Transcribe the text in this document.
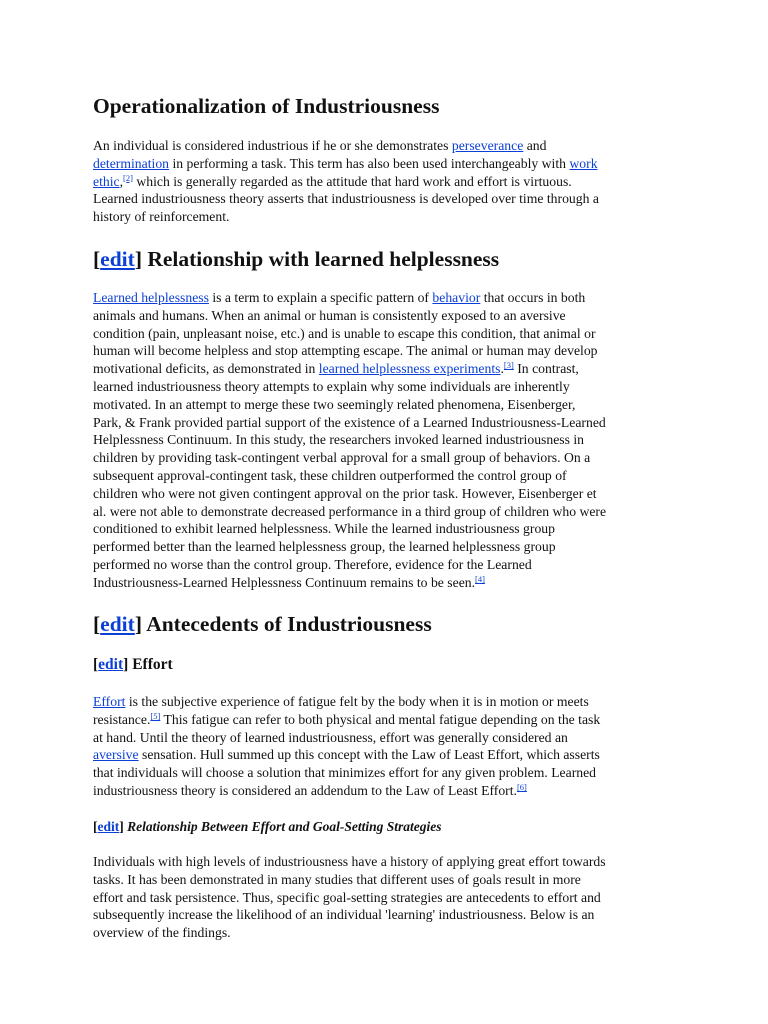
Operationalization of Industriousness

An individual is considered industrious if he or she demonstrates perseverance and
determination in performing a task. This term has also been used interchangeably with work
ethic,[2] which is generally regarded as the attitude that hard work and effort is virtuous.
Learned industriousness theory asserts that industriousness is developed over time through a
history of reinforcement.

[edit] Relationship with learned helplessness

Learned helplessness is a term to explain a specific pattern of behavior that occurs in both
animals and humans. When an animal or human is consistently exposed to an aversive
condition (pain, unpleasant noise, etc.) and is unable to escape this condition, that animal or
human will become helpless and stop attempting escape. The animal or human may develop
motivational deficits, as demonstrated in learned helplessness experiments.[3] In contrast,
learned industriousness theory attempts to explain why some individuals are inherently
motivated. In an attempt to merge these two seemingly related phenomena, Eisenberger,
Park, & Frank provided partial support of the existence of a Learned Industriousness-Learned
Helplessness Continuum. In this study, the researchers invoked learned industriousness in
children by providing task-contingent verbal approval for a small group of behaviors. On a
subsequent approval-contingent task, these children outperformed the control group of
children who were not given contingent approval on the prior task. However, Eisenberger et
al. were not able to demonstrate decreased performance in a third group of children who were
conditioned to exhibit learned helplessness. While the learned industriousness group
performed better than the learned helplessness group, the learned helplessness group
performed no worse than the control group. Therefore, evidence for the Learned
Industriousness-Learned Helplessness Continuum remains to be seen.[4]

[edit] Antecedents of Industriousness
[edit] Effort

Effort is the subjective experience of fatigue felt by the body when it is in motion or meets
resistance.[5] This fatigue can refer to both physical and mental fatigue depending on the task
at hand. Until the theory of learned industriousness, effort was generally considered an
aversive sensation. Hull summed up this concept with the Law of Least Effort, which asserts
that individuals will choose a solution that minimizes effort for any given problem. Learned
industriousness theory is considered an addendum to the Law of Least Effort.[6]

[edit] Relationship Between Effort and Goal-Setting Strategies

Individuals with high levels of industriousness have a history of applying great effort towards
tasks. It has been demonstrated in many studies that different uses of goals result in more
effort and task persistence. Thus, specific goal-setting strategies are antecedents to effort and
subsequently increase the likelihood of an individual 'learning' industriousness. Below is an
overview of the findings.
